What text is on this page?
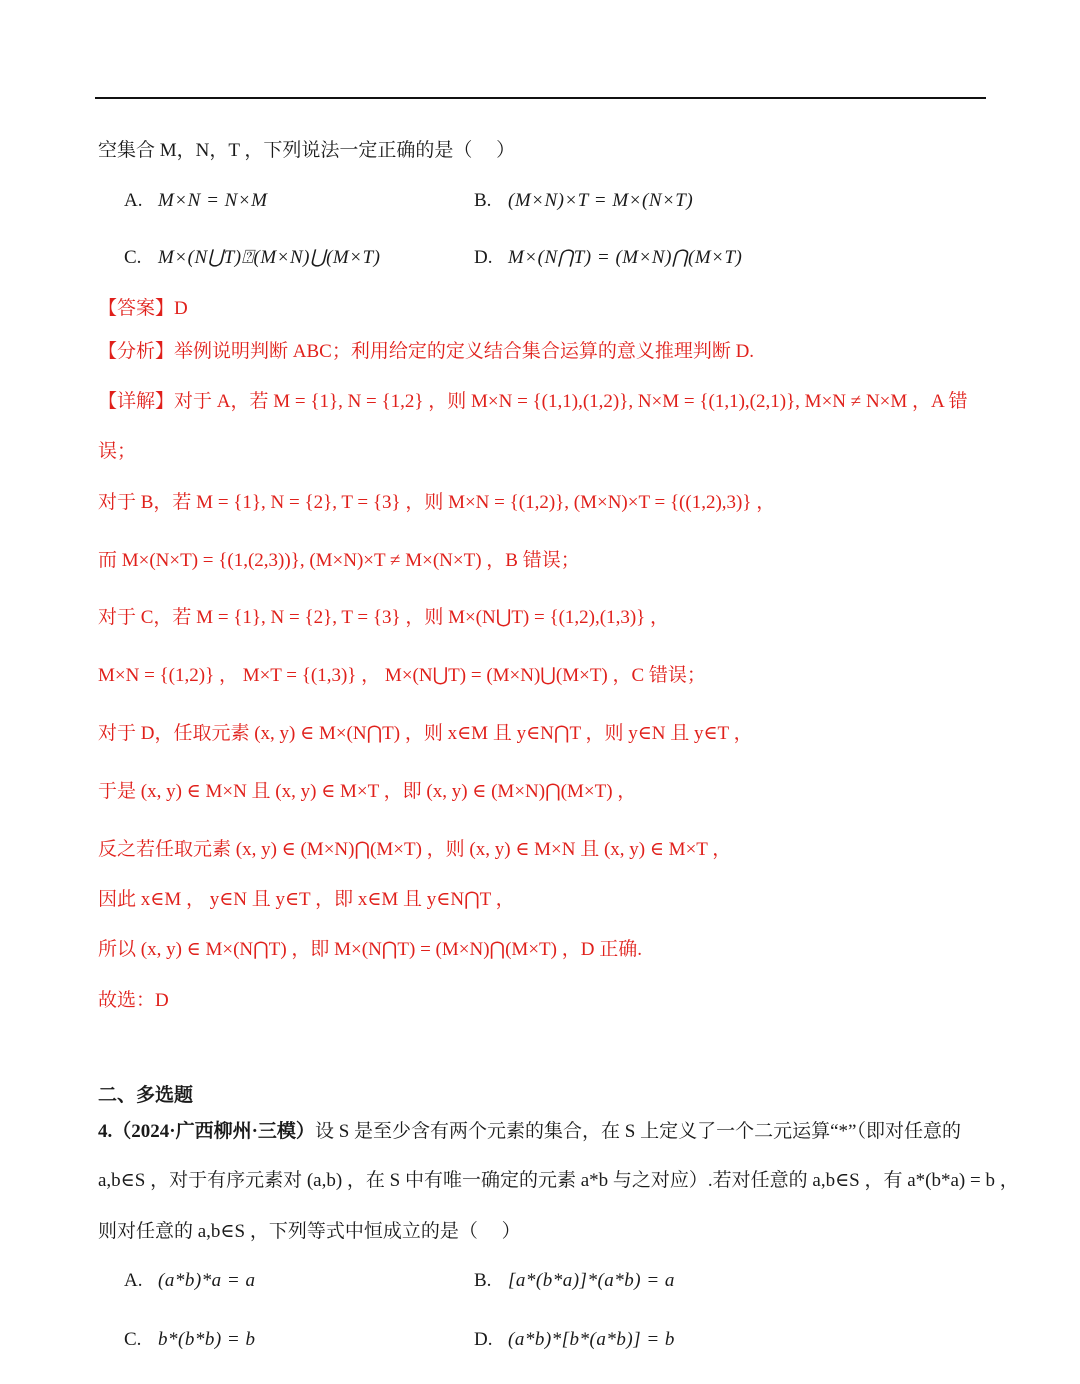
空集合 M，N，T ，下列说法一定正确的是（　 ）
A. M×N = N×M	B. (M×N)×T = M×(N×T)
C. M×(N⋃T)⍰(M×N)⋃(M×T)	D. M×(N⋂T) = (M×N)⋂(M×T)
【答案】D
【分析】举例说明判断 ABC；利用给定的定义结合集合运算的意义推理判断 D.
【详解】对于 A，若 M = {1}, N = {1,2} ，则 M×N = {(1,1),(1,2)}, N×M = {(1,1),(2,1)}, M×N ≠ N×M ，A 错
误；
对于 B，若 M = {1}, N = {2}, T = {3} ，则 M×N = {(1,2)}, (M×N)×T = {((1,2),3)} ，
而 M×(N×T) = {(1,(2,3))}, (M×N)×T ≠ M×(N×T) ，B 错误；
对于 C，若 M = {1}, N = {2}, T = {3} ，则 M×(N⋃T) = {(1,2),(1,3)} ，
M×N = {(1,2)} ， M×T = {(1,3)} ， M×(N⋃T) = (M×N)⋃(M×T) ，C 错误；
对于 D，任取元素 (x, y) ∈ M×(N⋂T) ，则 x∈M 且 y∈N⋂T ，则 y∈N 且 y∈T ，
于是 (x, y) ∈ M×N 且 (x, y) ∈ M×T ，即 (x, y) ∈ (M×N)⋂(M×T) ，
反之若任取元素 (x, y) ∈ (M×N)⋂(M×T) ，则 (x, y) ∈ M×N 且 (x, y) ∈ M×T ，
因此 x∈M ， y∈N 且 y∈T ，即 x∈M 且 y∈N⋂T ，
所以 (x, y) ∈ M×(N⋂T) ，即 M×(N⋂T) = (M×N)⋂(M×T) ，D 正确.
故选：D
二、多选题
4.（2024·广西柳州·三模）设 S 是至少含有两个元素的集合，在 S 上定义了一个二元运算“*”（即对任意的
a,b∈S ，对于有序元素对 (a,b) ，在 S 中有唯一确定的元素 a*b 与之对应）.若对任意的 a,b∈S ，有 a*(b*a) = b ，
则对任意的 a,b∈S ，下列等式中恒成立的是（　 ）
A. (a*b)*a = a	B. [a*(b*a)]*(a*b) = a
C. b*(b*b) = b	D. (a*b)*[b*(a*b)] = b
